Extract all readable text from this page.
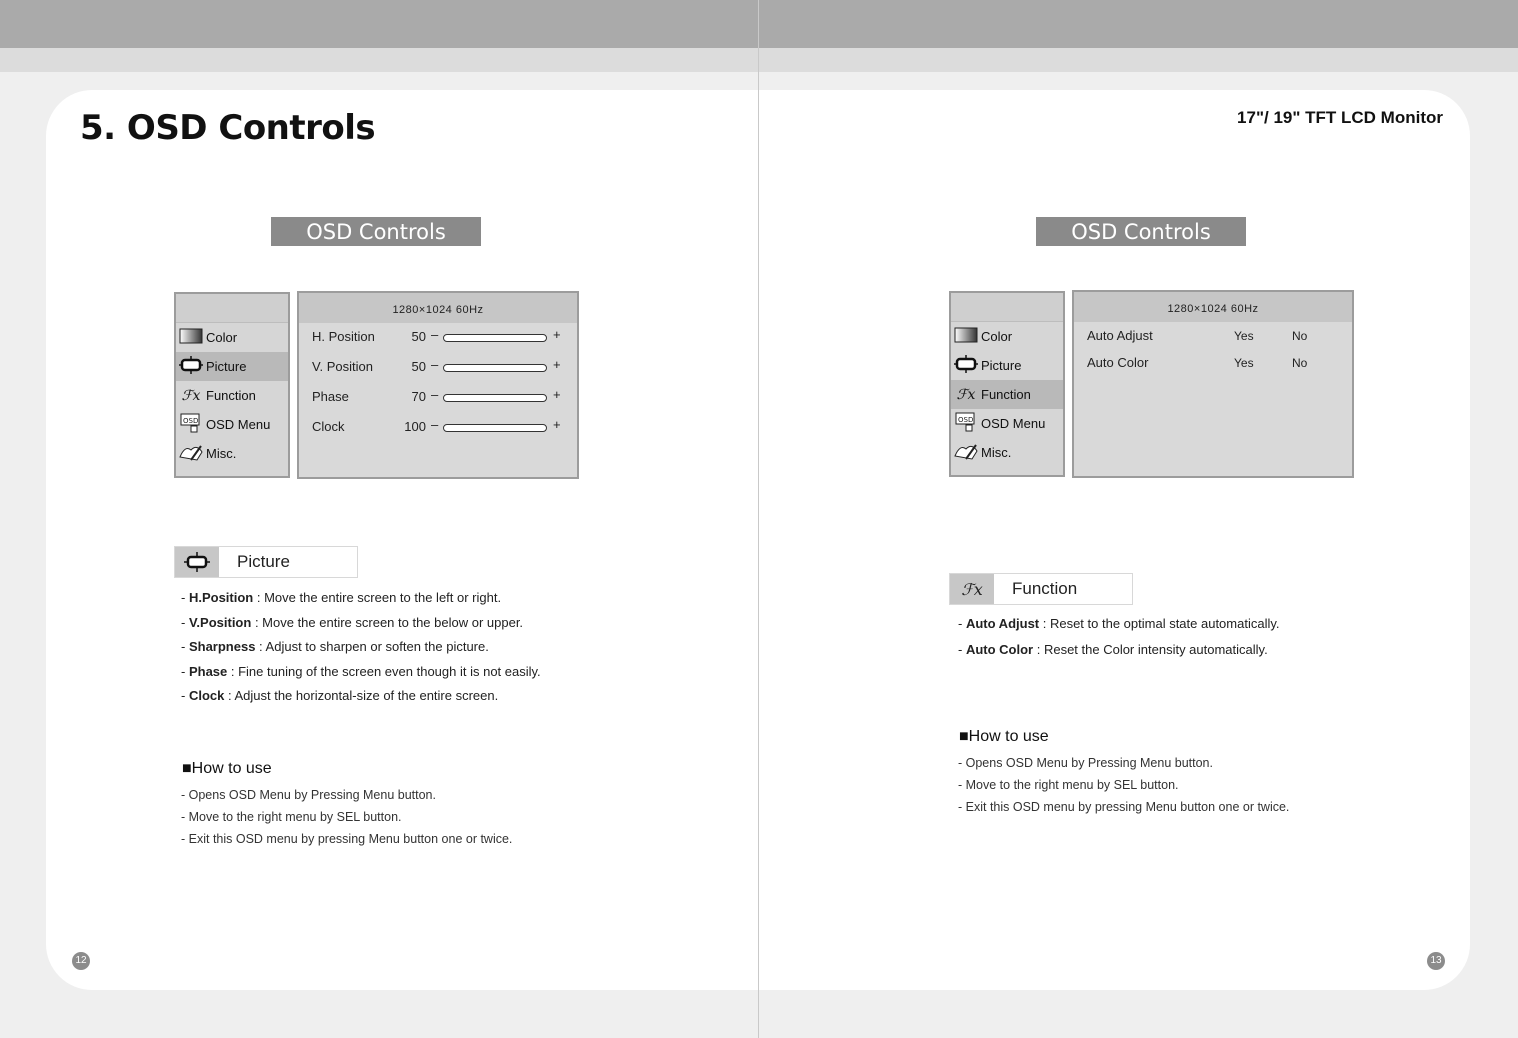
5. OSD Controls
OSD Controls
Color
Picture
ℱx Function
OSD OSD Menu
Misc.
1280×1024 60Hz
H. Position	50 –	+
V. Position	50 –	+
Phase	70 –	+
Clock	100 –	+
Picture
- H.Position : Move the entire screen to the left or right.
- V.Position : Move the entire screen to the below or upper.
- Sharpness : Adjust to sharpen or soften the picture.
- Phase : Fine tuning of the screen even though it is not easily.
- Clock : Adjust the horizontal-size of the entire screen.
■How to use
- Opens OSD Menu by Pressing Menu button.
- Move to the right menu by SEL button.
- Exit this OSD menu by pressing Menu button one or twice.
12
17"/ 19" TFT LCD Monitor
OSD Controls
Color
Picture
ℱx Function
OSD OSD Menu
Misc.
1280×1024 60Hz
Auto Adjust	Yes	No
Auto Color	Yes	No
ℱx	Function
- Auto Adjust : Reset to the optimal state automatically.
- Auto Color : Reset the Color intensity automatically.
■How to use
- Opens OSD Menu by Pressing Menu button.
- Move to the right menu by SEL button.
- Exit this OSD menu by pressing Menu button one or twice.
13
